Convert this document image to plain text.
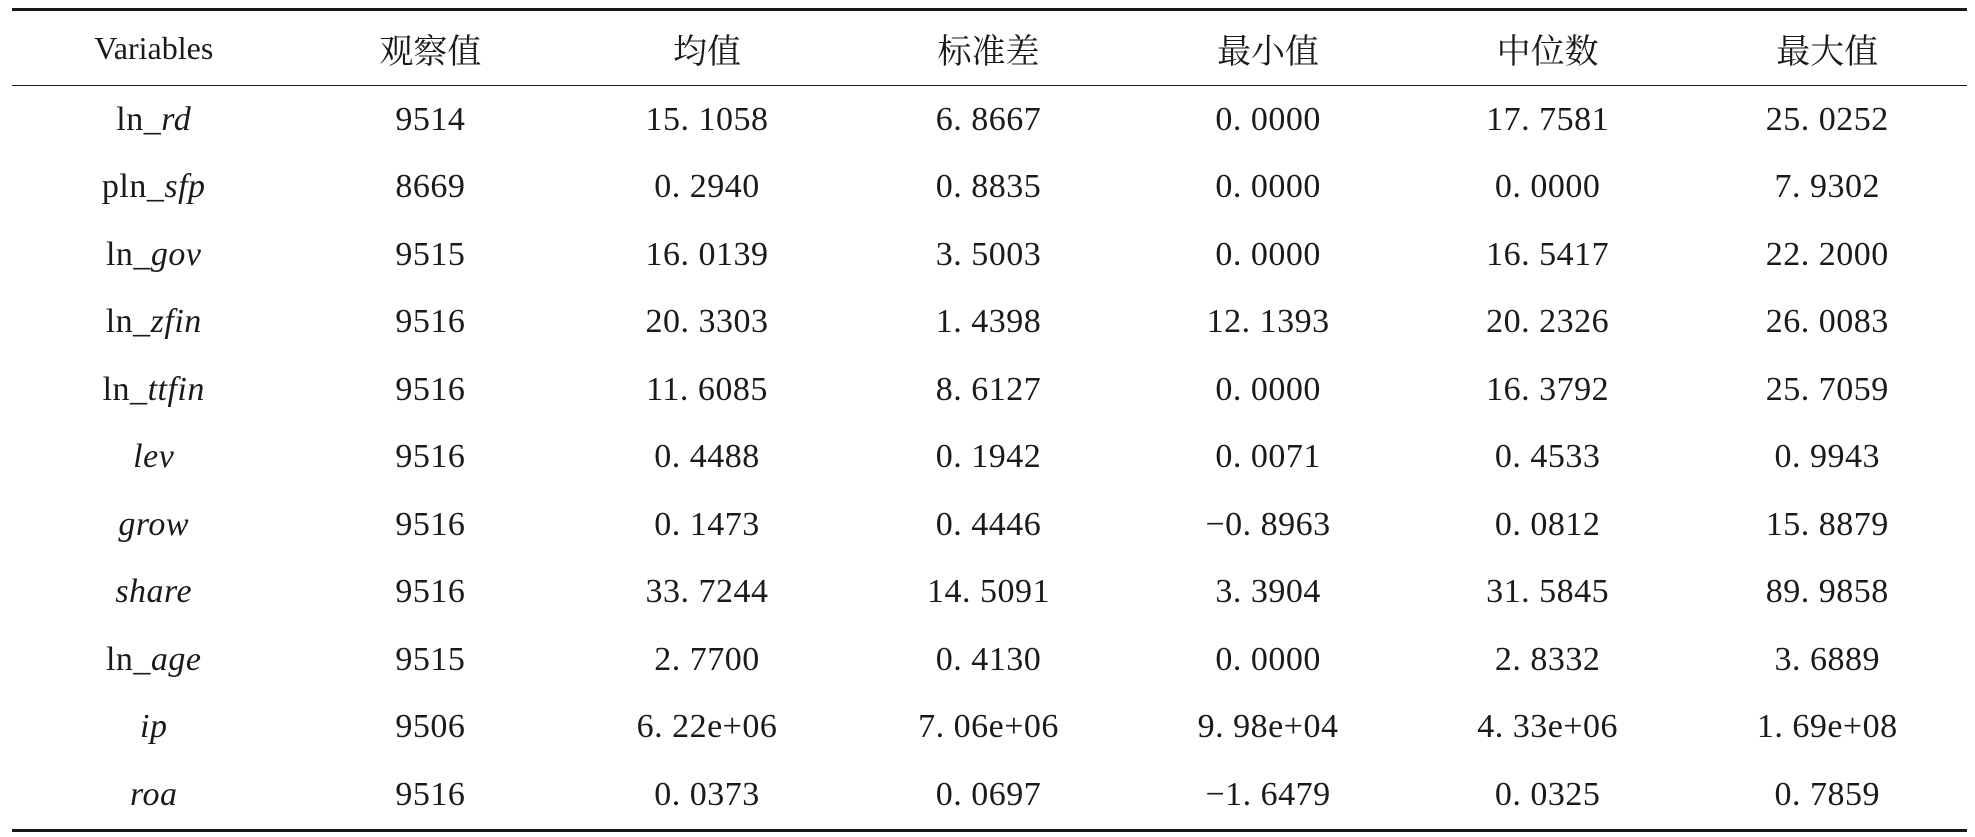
Variables	观察值	均值	标准差	最小值	中位数	最大值
ln_rd	9514	15. 1058	6. 8667	0. 0000	17. 7581	25. 0252
pln_sfp	8669	0. 2940	0. 8835	0. 0000	0. 0000	7. 9302
ln_gov	9515	16. 0139	3. 5003	0. 0000	16. 5417	22. 2000
ln_zfin	9516	20. 3303	1. 4398	12. 1393	20. 2326	26. 0083
ln_ttfin	9516	11. 6085	8. 6127	0. 0000	16. 3792	25. 7059
lev	9516	0. 4488	0. 1942	0. 0071	0. 4533	0. 9943
grow	9516	0. 1473	0. 4446	−0. 8963	0. 0812	15. 8879
share	9516	33. 7244	14. 5091	3. 3904	31. 5845	89. 9858
ln_age	9515	2. 7700	0. 4130	0. 0000	2. 8332	3. 6889
ip	9506	6. 22e+06	7. 06e+06	9. 98e+04	4. 33e+06	1. 69e+08
roa	9516	0. 0373	0. 0697	−1. 6479	0. 0325	0. 7859
